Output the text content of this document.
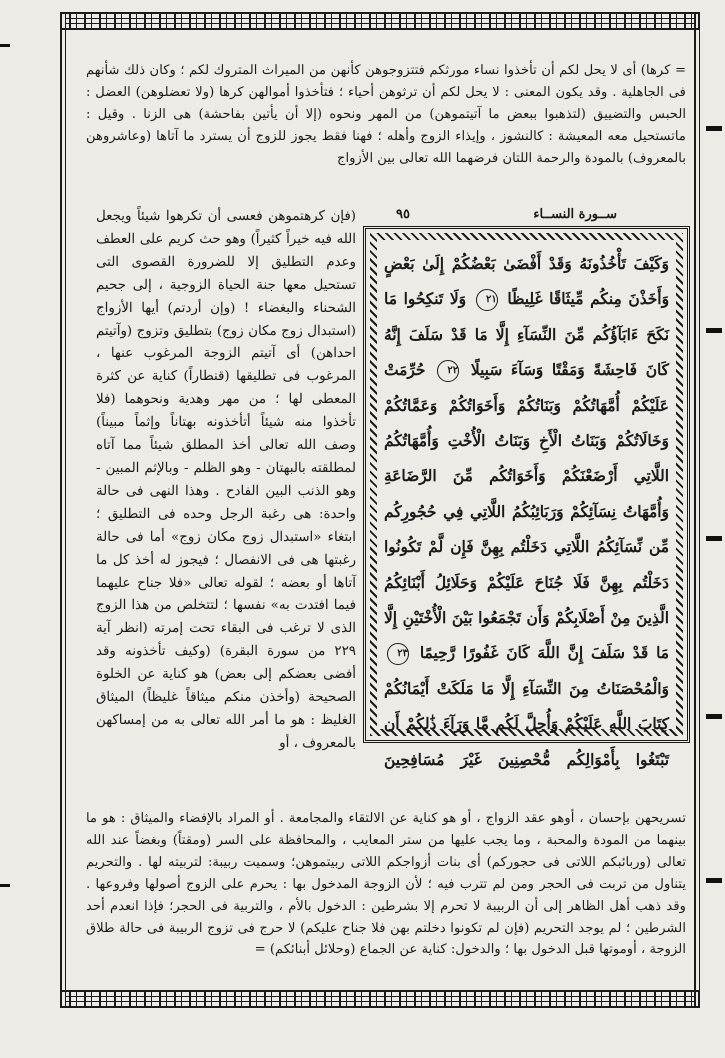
= كرها) أى لا يحل لكم أن تأخذوا نساء مورثكم فتتزوجوهن كأنهن من الميراث المتروك لكم ؛ وكان ذلك شأنهم فى الجاهلية . وقد يكون المعنى : لا يحل لكم أن ترثوهن أحياء ؛ فتأخذوا أموالهن كرها (ولا تعضلوهن) العضل : الحبس والتضييق (لتذهبوا ببعض ما آتيتموهن) من المهر ونحوه (إلا أن يأتين بفاحشة) هى الزنا . وقيل : ماتستحيل معه المعيشة : كالنشوز ، وإيذاء الزوج وأهله ؛ فهنا فقط يجوز للزوج أن يسترد ما آتاها (وعاشروهن بالمعروف) بالمودة والرحمة اللتان فرضهما الله تعالى بين الأزواج
(فإن كرهتموهن فعسى أن تكرهوا شيئاً ويجعل الله فيه خيراً كثيراً) وهو حث كريم على العطف وعدم التطليق إلا للضرورة القصوى التى تستحيل معها جنة الحياة الزوجية ، إلى جحيم الشحناء والبغضاء ! (وإن أردتم) أيها الأزواج (استبدال زوج مكان زوج) بتطليق وتزوج (وآتيتم احداهن) أى آتيتم الزوجة المرغوب عنها ، المرغوب فى تطليقها (قنطاراً) كناية عن كثرة المعطى لها ؛ من مهر وهدية ونحوهما (فلا تأخذوا منه شيئاً أتأخذونه بهتاناً وإثماً مبيناً) وصف الله تعالى أخذ المطلق شيئاً مما آتاه لمطلقته بالبهتان - وهو الظلم - وبالإثم المبين - وهو الذنب البين الفادح . وهذا النهى فى حالة واحدة: هى رغبة الرجل وحده فى التطليق ؛ ابتغاء «استبدال زوج مكان زوج» أما فى حالة رغبتها هى فى الانفصال ؛ فيجوز له أخذ كل ما آتاها أو بعضه ؛ لقوله تعالى «فلا جناح عليهما فيما افتدت به» نفسها ؛ لتتخلص من هذا الزوج الذى لا ترغب فى البقاء تحت إمرته (انظر آية ٢٢٩ من سورة البقرة) (وكيف تأخذونه وقد أفضى بعضكم إلى بعض) هو كناية عن الخلوة الصحيحة (وأخذن منكم ميثاقاً غليظاً) الميثاق الغليظ : هو ما أمر الله تعالى به من إمساكهن بالمعروف ، أو
ســورة النســاء
٩٥
وَكَيْفَ تَأْخُذُونَهُ وَقَدْ أَفْضَىٰ بَعْضُكُمْ إِلَىٰ بَعْضٍ وَأَخَذْنَ مِنكُم مِّيثَاقًا غَلِيظًا ٢١ وَلَا تَنكِحُوا مَا نَكَحَ ءَابَآؤُكُم مِّنَ النِّسَآءِ إِلَّا مَا قَدْ سَلَفَ إِنَّهُ كَانَ فَاحِشَةً وَمَقْتًا وَسَآءَ سَبِيلًا ٢٢ حُرِّمَتْ عَلَيْكُمْ أُمَّهَاتُكُمْ وَبَنَاتُكُمْ وَأَخَوَاتُكُمْ وَعَمَّاتُكُمْ وَخَالَاتُكُمْ وَبَنَاتُ الْأَخِ وَبَنَاتُ الْأُخْتِ وَأُمَّهَاتُكُمُ اللَّاتِي أَرْضَعْنَكُمْ وَأَخَوَاتُكُم مِّنَ الرَّضَاعَةِ وَأُمَّهَاتُ نِسَآئِكُمْ وَرَبَائِبُكُمُ اللَّاتِي فِي حُجُورِكُم مِّن نِّسَآئِكُمُ اللَّاتِي دَخَلْتُم بِهِنَّ فَإِن لَّمْ تَكُونُوا دَخَلْتُم بِهِنَّ فَلَا جُنَاحَ عَلَيْكُمْ وَحَلَائِلُ أَبْنَائِكُمُ الَّذِينَ مِنْ أَصْلَابِكُمْ وَأَن تَجْمَعُوا بَيْنَ الْأُخْتَيْنِ إِلَّا مَا قَدْ سَلَفَ إِنَّ اللَّهَ كَانَ غَفُورًا رَّحِيمًا ٢٣ وَالْمُحْصَنَاتُ مِنَ النِّسَآءِ إِلَّا مَا مَلَكَتْ أَيْمَانُكُمْ كِتَابَ اللَّهِ عَلَيْكُمْ وَأُحِلَّ لَكُم مَّا وَرَآءَ ذَٰلِكُمْ أَن تَبْتَغُوا بِأَمْوَالِكُم مُّحْصِنِينَ غَيْرَ مُسَافِحِينَ
تسريحهن بإحسان ، أوهو عقد الزواج ، أو هو كناية عن الالتقاء والمجامعة . أو المراد بالإفضاء والميثاق : هو ما بينهما من المودة والمحبة ، وما يجب عليها من ستر المعايب ، والمحافظة على السر (ومقتاً) وبغضاً عند الله تعالى (وربائبكم اللاتى فى حجوركم) أى بنات أزواجكم اللاتى ربيتموهن؛ وسميت ربيبة: لتربيته لها . والتحريم يتناول من تربت فى الحجر ومن لم تترب فيه ؛ لأن الزوجة المدخول بها : يحرم على الزوج أصولها وفروعها . وقد ذهب أهل الظاهر إلى أن الربيبة لا تحرم إلا بشرطين : الدخول بالأم ، والتربية فى الحجر؛ فإذا انعدم أحد الشرطين ؛ لم يوجد التحريم (فإن لم تكونوا دخلتم بهن فلا جناح عليكم) لا حرج فى تزوج الربيبة فى حالة طلاق الزوجة ، أوموتها قبل الدخول بها ؛ والدخول: كناية عن الجماع (وحلائل أبنائكم) =
